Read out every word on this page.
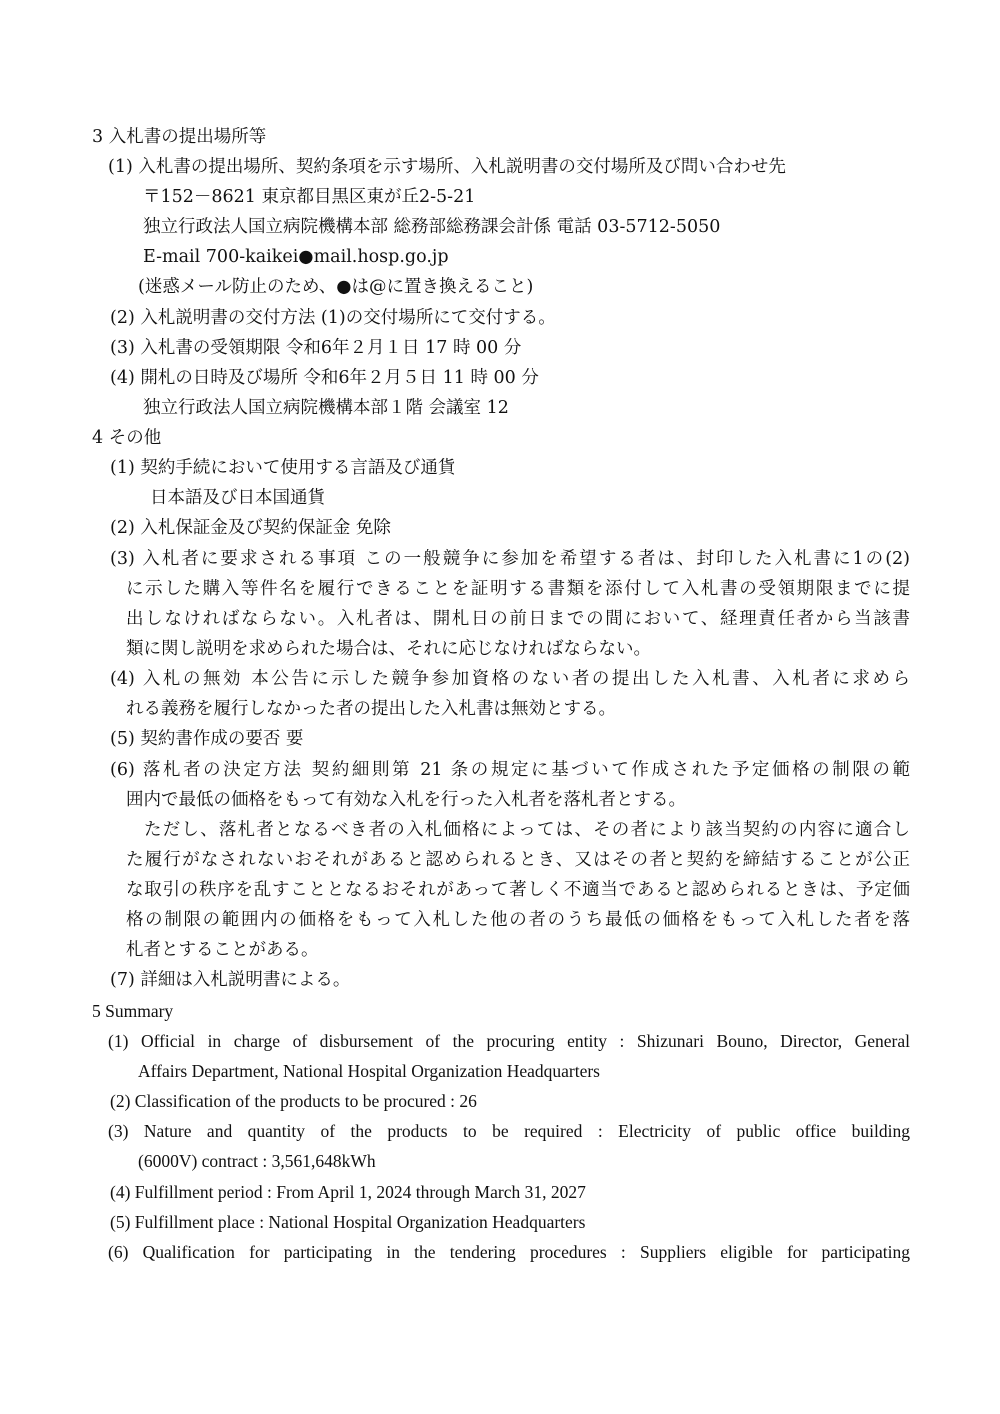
3 入札書の提出場所等
(1) 入札書の提出場所、契約条項を示す場所、入札説明書の交付場所及び問い合わせ先
〒152－8621 東京都目黒区東が丘2-5-21
独立行政法人国立病院機構本部 総務部総務課会計係 電話 03-5712-5050
E-mail 700-kaikei●mail.hosp.go.jp
(迷惑メール防止のため、●は@に置き換えること)
(2) 入札説明書の交付方法 (1)の交付場所にて交付する。
(3) 入札書の受領期限 令和6年２月１日 17 時 00 分
(4) 開札の日時及び場所 令和6年２月５日 11 時 00 分
独立行政法人国立病院機構本部１階 会議室 12
4 その他
(1) 契約手続において使用する言語及び通貨
日本語及び日本国通貨
(2) 入札保証金及び契約保証金 免除
(3) 入札者に要求される事項 この一般競争に参加を希望する者は、封印した入札書に1の(2)
に示した購入等件名を履行できることを証明する書類を添付して入札書の受領期限までに提
出しなければならない。入札者は、開札日の前日までの間において、経理責任者から当該書
類に関し説明を求められた場合は、それに応じなければならない。
(4) 入札の無効 本公告に示した競争参加資格のない者の提出した入札書、入札者に求めら
れる義務を履行しなかった者の提出した入札書は無効とする。
(5) 契約書作成の要否 要
(6) 落札者の決定方法 契約細則第 21 条の規定に基づいて作成された予定価格の制限の範
囲内で最低の価格をもって有効な入札を行った入札者を落札者とする。
ただし、落札者となるべき者の入札価格によっては、その者により該当契約の内容に適合し
た履行がなされないおそれがあると認められるとき、又はその者と契約を締結することが公正
な取引の秩序を乱すこととなるおそれがあって著しく不適当であると認められるときは、予定価
格の制限の範囲内の価格をもって入札した他の者のうち最低の価格をもって入札した者を落
札者とすることがある。
(7) 詳細は入札説明書による。
5 Summary
(1) Official in charge of disbursement of the procuring entity : Shizunari Bouno, Director, General
Affairs Department, National Hospital Organization Headquarters
(2) Classification of the products to be procured : 26
(3) Nature and quantity of the products to be required : Electricity of public office building
(6000V) contract : 3,561,648kWh
(4) Fulfillment period : From April 1, 2024 through March 31, 2027
(5) Fulfillment place : National Hospital Organization Headquarters
(6) Qualification for participating in the tendering procedures : Suppliers eligible for participating
